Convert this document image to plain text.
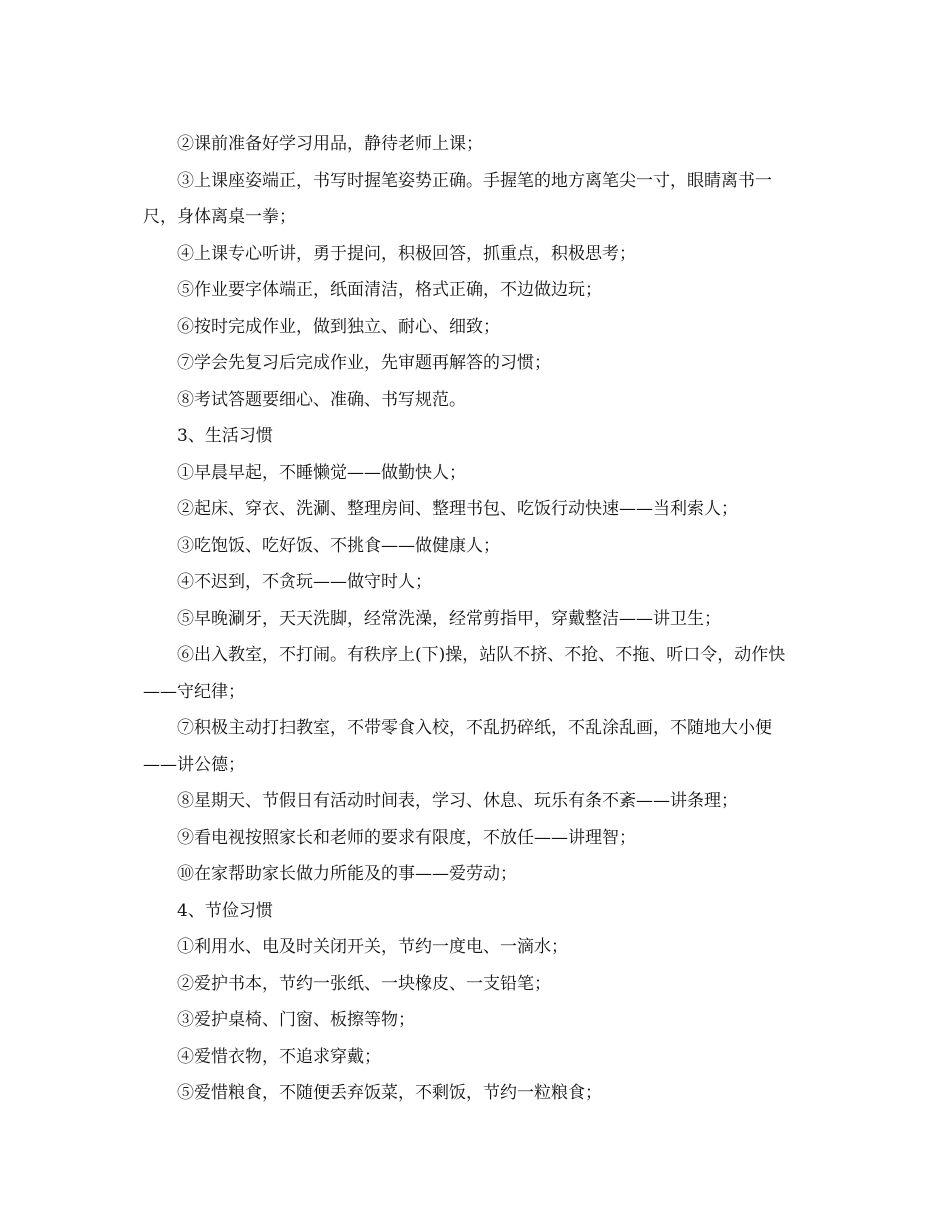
②课前准备好学习用品，静待老师上课；

③上课座姿端正，书写时握笔姿势正确。手握笔的地方离笔尖一寸，眼睛离书一尺，身体离桌一拳；

④上课专心听讲，勇于提问，积极回答，抓重点，积极思考；

⑤作业要字体端正，纸面清洁，格式正确，不边做边玩；

⑥按时完成作业，做到独立、耐心、细致；

⑦学会先复习后完成作业，先审题再解答的习惯；

⑧考试答题要细心、准确、书写规范。

3、生活习惯

①早晨早起，不睡懒觉——做勤快人；

②起床、穿衣、洗涮、整理房间、整理书包、吃饭行动快速——当利索人；

③吃饱饭、吃好饭、不挑食——做健康人；

④不迟到，不贪玩——做守时人；

⑤早晚涮牙，天天洗脚，经常洗澡，经常剪指甲，穿戴整洁——讲卫生；

⑥出入教室，不打闹。有秩序上(下)操，站队不挤、不抢、不拖、听口令，动作快——守纪律；

⑦积极主动打扫教室，不带零食入校，不乱扔碎纸，不乱涂乱画，不随地大小便——讲公德；

⑧星期天、节假日有活动时间表，学习、休息、玩乐有条不紊——讲条理；

⑨看电视按照家长和老师的要求有限度，不放任——讲理智；

⑩在家帮助家长做力所能及的事——爱劳动；

4、节俭习惯

①利用水、电及时关闭开关，节约一度电、一滴水；

②爱护书本，节约一张纸、一块橡皮、一支铅笔；

③爱护桌椅、门窗、板擦等物；

④爱惜衣物，不追求穿戴；

⑤爱惜粮食，不随便丢弃饭菜，不剩饭，节约一粒粮食；
